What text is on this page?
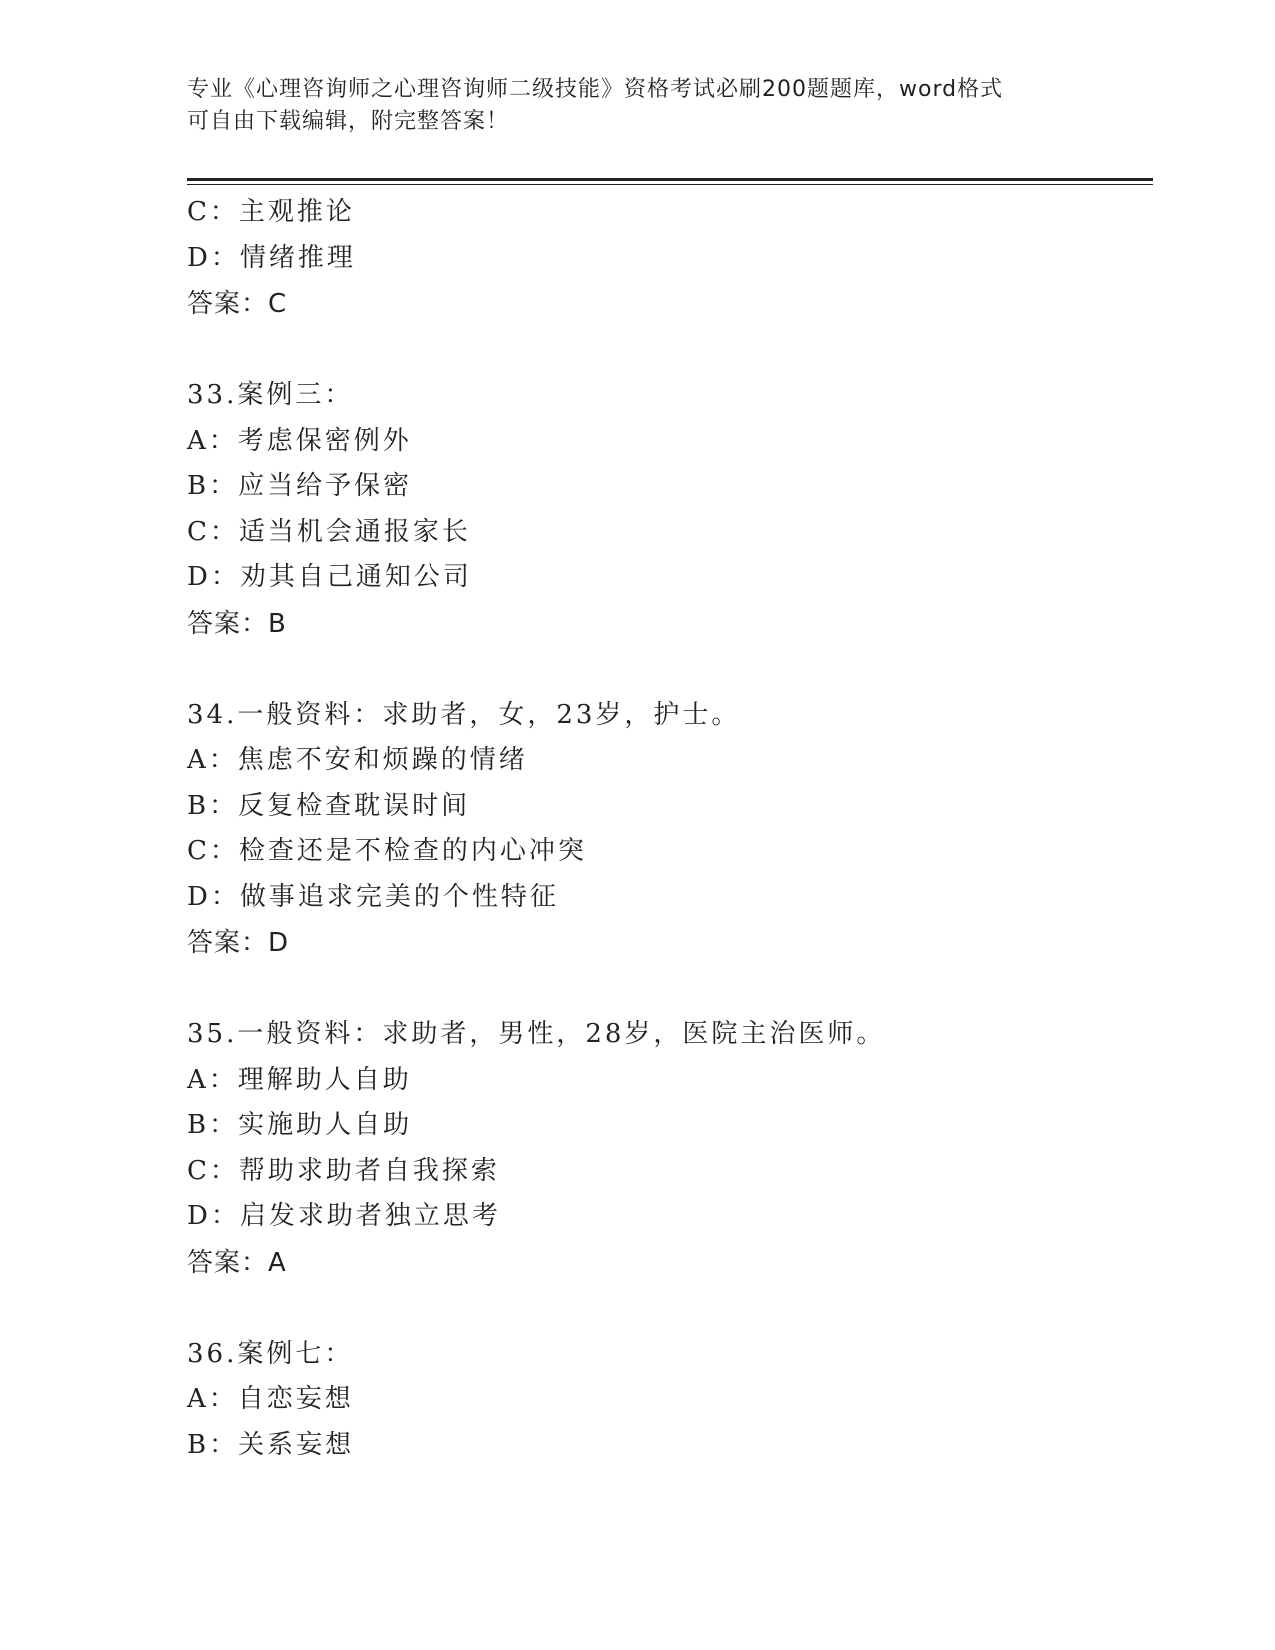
专业《心理咨询师之心理咨询师二级技能》资格考试必刷200题题库，word格式
可自由下载编辑，附完整答案！
C：主观推论
D：情绪推理
答案：C
33.案例三：
A：考虑保密例外
B：应当给予保密
C：适当机会通报家长
D：劝其自己通知公司
答案：B
34.一般资料：求助者，女，23岁，护士。
A：焦虑不安和烦躁的情绪
B：反复检查耽误时间
C：检查还是不检查的内心冲突
D：做事追求完美的个性特征
答案：D
35.一般资料：求助者，男性，28岁，医院主治医师。
A：理解助人自助
B：实施助人自助
C：帮助求助者自我探索
D：启发求助者独立思考
答案：A
36.案例七：
A：自恋妄想
B：关系妄想
